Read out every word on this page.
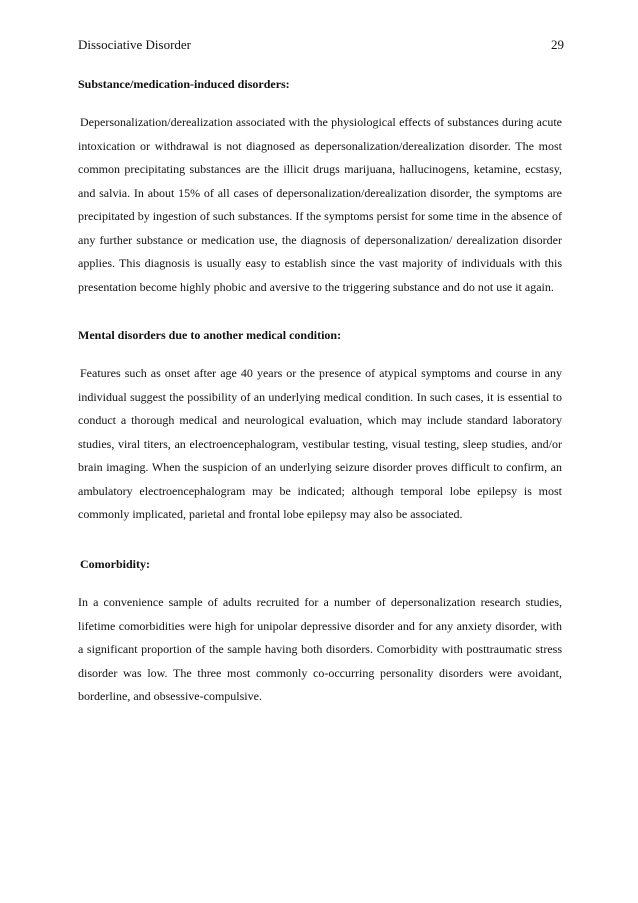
Dissociative Disorder	29
Substance/medication-induced disorders:

Depersonalization/derealization associated with the physiological effects of substances during acute intoxication or withdrawal is not diagnosed as depersonalization/derealization disorder. The most common precipitating substances are the illicit drugs marijuana, hallucinogens, ketamine, ecstasy, and salvia. In about 15% of all cases of depersonalization/derealization disorder, the symptoms are precipitated by ingestion of such substances. If the symptoms persist for some time in the absence of any further substance or medication use, the diagnosis of depersonalization/ derealization disorder applies. This diagnosis is usually easy to establish since the vast majority of individuals with this presentation become highly phobic and aversive to the triggering substance and do not use it again.

Mental disorders due to another medical condition:

Features such as onset after age 40 years or the presence of atypical symptoms and course in any individual suggest the possibility of an underlying medical condition. In such cases, it is essential to conduct a thorough medical and neurological evaluation, which may include standard laboratory studies, viral titers, an electroencephalogram, vestibular testing, visual testing, sleep studies, and/or brain imaging. When the suspicion of an underlying seizure disorder proves difficult to confirm, an ambulatory electroencephalogram may be indicated; although temporal lobe epilepsy is most commonly implicated, parietal and frontal lobe epilepsy may also be associated.

Comorbidity:

In a convenience sample of adults recruited for a number of depersonalization research studies, lifetime comorbidities were high for unipolar depressive disorder and for any anxiety disorder, with a significant proportion of the sample having both disorders. Comorbidity with posttraumatic stress disorder was low. The three most commonly co-occurring personality disorders were avoidant, borderline, and obsessive-compulsive.
